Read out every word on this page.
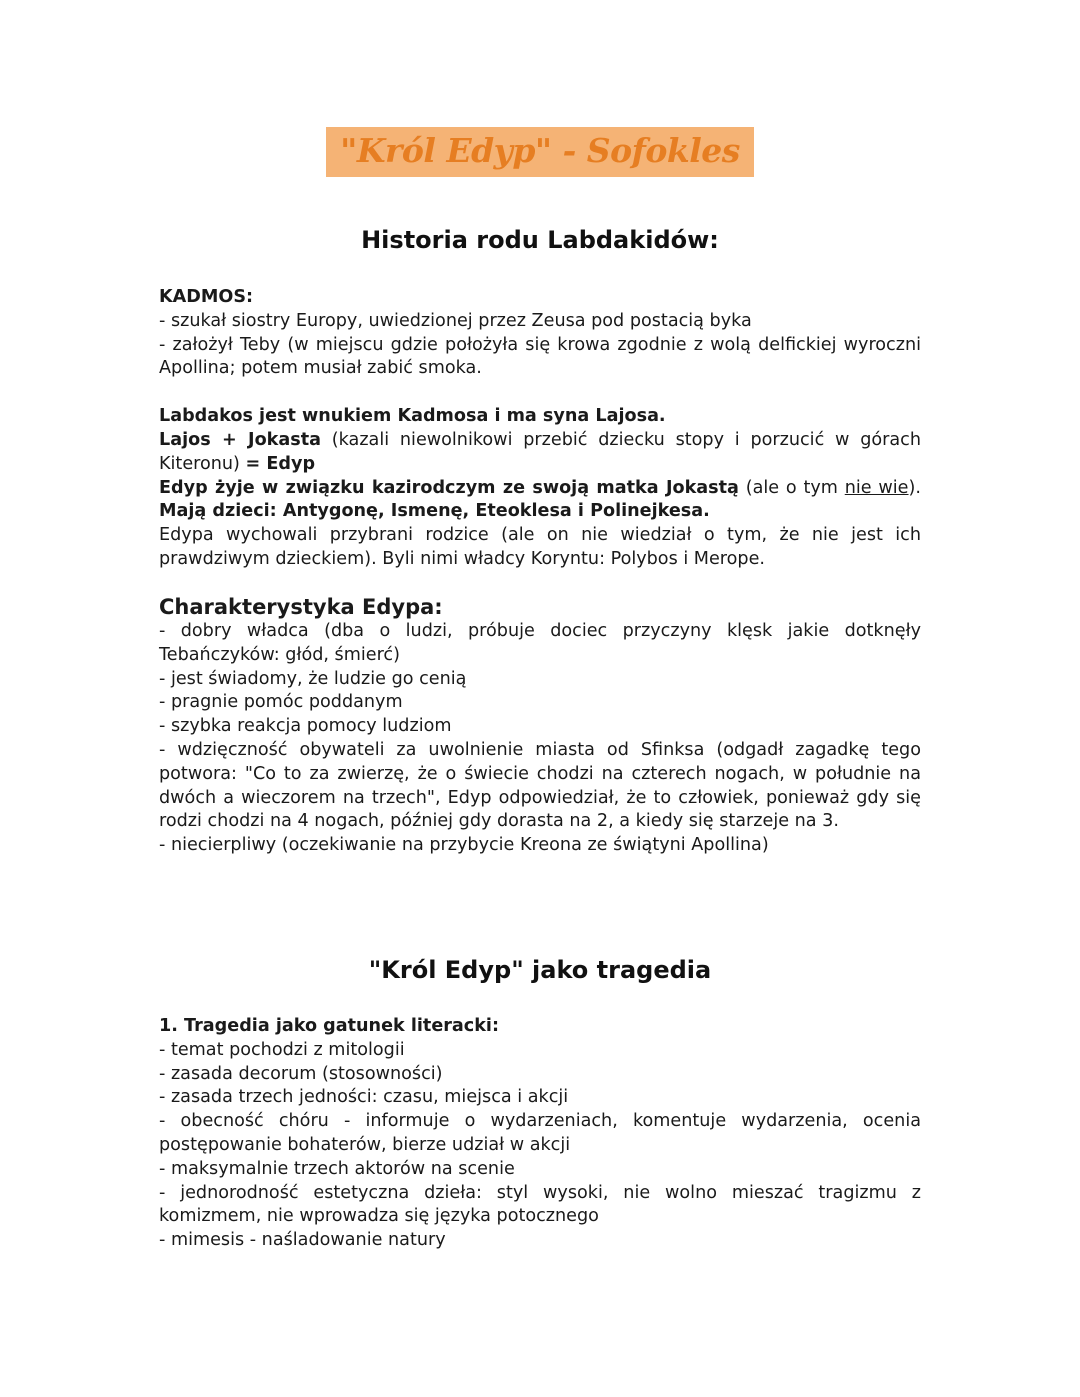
"Król Edyp" - Sofokles
Historia rodu Labdakidów:
KADMOS:
- szukał siostry Europy, uwiedzionej przez Zeusa pod postacią byka
- założył Teby (w miejscu gdzie położyła się krowa zgodnie z wolą delfickiej wyroczni Apollina; potem musiał zabić smoka.
Labdakos jest wnukiem Kadmosa i ma syna Lajosa.
Lajos + Jokasta (kazali niewolnikowi przebić dziecku stopy i porzucić w górach Kiteronu) = Edyp
Edyp żyje w związku kazirodczym ze swoją matka Jokastą (ale o tym nie wie). Mają dzieci: Antygonę, Ismenę, Eteoklesa i Polinejkesa.
Edypa wychowali przybrani rodzice (ale on nie wiedział o tym, że nie jest ich prawdziwym dzieckiem). Byli nimi władcy Koryntu: Polybos i Merope.
Charakterystyka Edypa:
- dobry władca (dba o ludzi, próbuje dociec przyczyny klęsk jakie dotknęły Tebańczyków: głód, śmierć)
- jest świadomy, że ludzie go cenią
- pragnie pomóc poddanym
- szybka reakcja pomocy ludziom
- wdzięczność obywateli za uwolnienie miasta od Sfinksa (odgadł zagadkę tego potwora: "Co to za zwierzę, że o świecie chodzi na czterech nogach, w południe na dwóch a wieczorem na trzech", Edyp odpowiedział, że to człowiek, ponieważ gdy się rodzi chodzi na 4 nogach, później gdy dorasta na 2, a kiedy się starzeje na 3.
- niecierpliwy (oczekiwanie na przybycie Kreona ze świątyni Apollina)
"Król Edyp" jako tragedia
1. Tragedia jako gatunek literacki:
- temat pochodzi z mitologii
- zasada decorum (stosowności)
- zasada trzech jedności: czasu, miejsca i akcji
- obecność chóru - informuje o wydarzeniach, komentuje wydarzenia, ocenia postępowanie bohaterów, bierze udział w akcji
- maksymalnie trzech aktorów na scenie
- jednorodność estetyczna dzieła: styl wysoki, nie wolno mieszać tragizmu z komizmem, nie wprowadza się języka potocznego
- mimesis - naśladowanie natury
